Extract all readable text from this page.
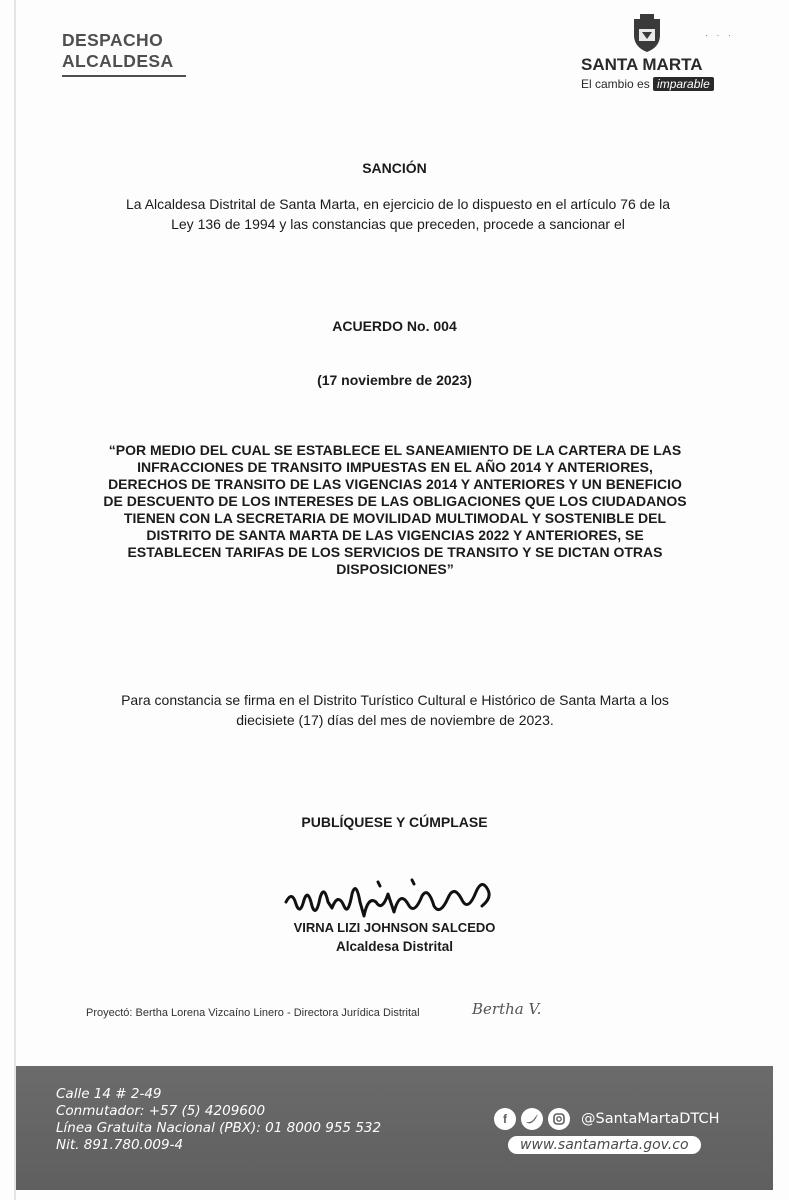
DESPACHO
ALCALDESA	SANTA MARTA
El cambio es imparable
· · ·
SANCIÓN
La Alcaldesa Distrital de Santa Marta, en ejercicio de lo dispuesto en el artículo 76 de la Ley 136 de 1994 y las constancias que preceden, procede a sancionar el
ACUERDO No. 004
(17 noviembre de 2023)
“POR MEDIO DEL CUAL SE ESTABLECE EL SANEAMIENTO DE LA CARTERA DE LAS INFRACCIONES DE TRANSITO IMPUESTAS EN EL AÑO 2014 Y ANTERIORES, DERECHOS DE TRANSITO DE LAS VIGENCIAS 2014 Y ANTERIORES Y UN BENEFICIO DE DESCUENTO DE LOS INTERESES DE LAS OBLIGACIONES QUE LOS CIUDADANOS TIENEN CON LA SECRETARIA DE MOVILIDAD MULTIMODAL Y SOSTENIBLE DEL DISTRITO DE SANTA MARTA DE LAS VIGENCIAS 2022 Y ANTERIORES, SE ESTABLECEN TARIFAS DE LOS SERVICIOS DE TRANSITO Y SE DICTAN OTRAS DISPOSICIONES”
Para constancia se firma en el Distrito Turístico Cultural e Histórico de Santa Marta a los diecisiete (17) días del mes de noviembre de 2023.
PUBLÍQUESE Y CÚMPLASE
VIRNA LIZI JOHNSON SALCEDO
Alcaldesa Distrital
Proyectó: Bertha Lorena Vizcaíno Linero - Directora Jurídica Distrital	Bertha V.
Calle 14 # 2-49
Conmutador: +57 (5) 4209600
Línea Gratuita Nacional (PBX): 01 8000 955 532
Nit. 891.780.009-4
f	@SantaMartaDTCH
www.santamarta.gov.co
